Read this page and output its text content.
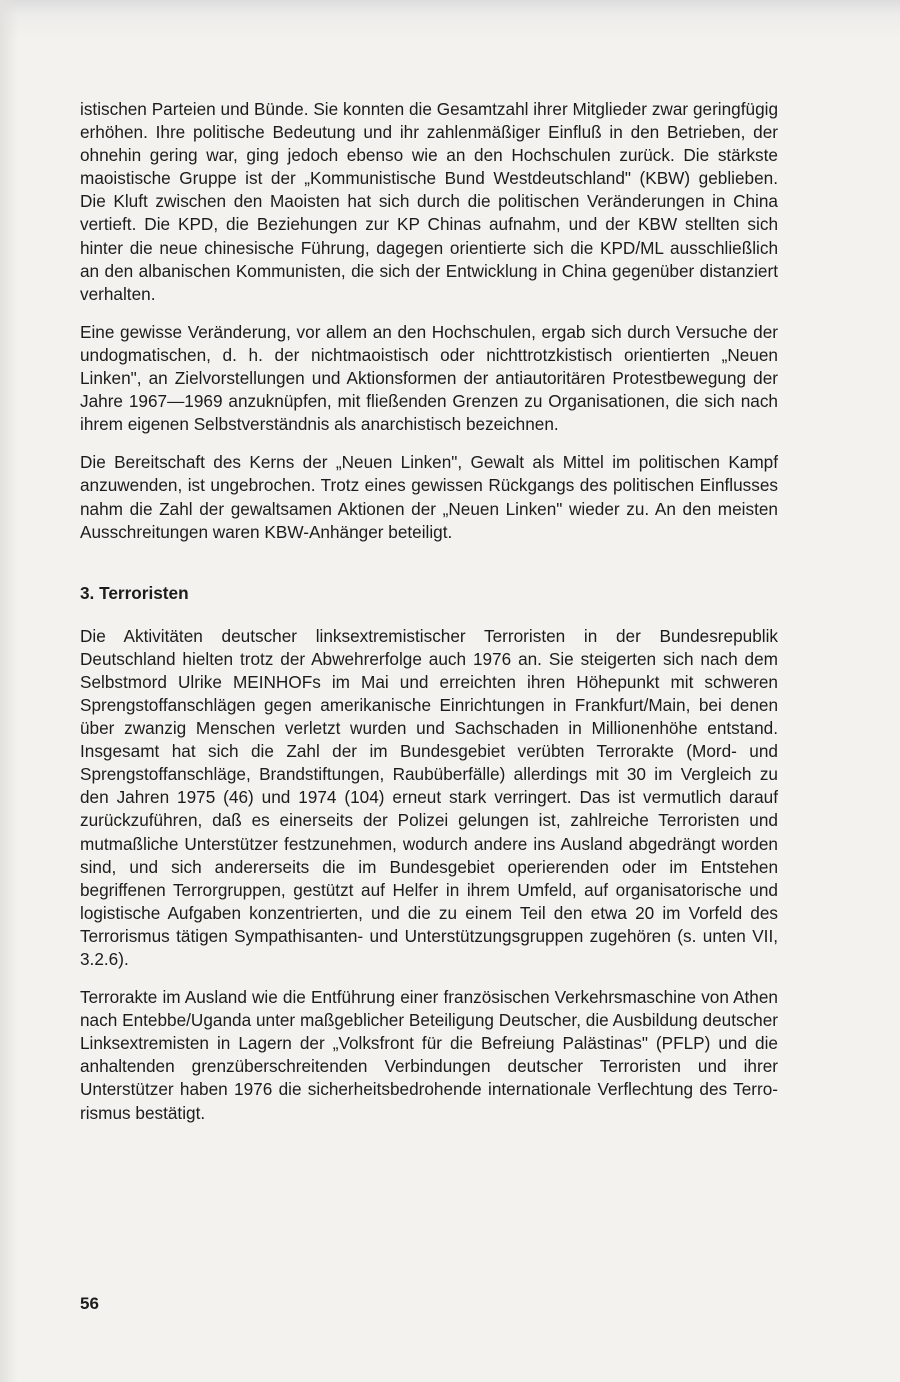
istischen Parteien und Bünde. Sie konnten die Gesamtzahl ihrer Mitglieder zwar geringfügig erhöhen. Ihre politische Bedeutung und ihr zahlenmäßiger Einfluß in den Betrieben, der ohnehin gering war, ging jedoch ebenso wie an den Hochschulen zurück. Die stärkste maoistische Gruppe ist der „Kommunistische Bund Westdeutschland" (KBW) geblieben. Die Kluft zwischen den Maoisten hat sich durch die politischen Veränderungen in China vertieft. Die KPD, die Beziehungen zur KP Chinas aufnahm, und der KBW stellten sich hinter die neue chinesische Führung, dagegen orientierte sich die KPD/ML ausschließlich an den albanischen Kommunisten, die sich der Entwicklung in China gegenüber distanziert verhalten.

Eine gewisse Veränderung, vor allem an den Hochschulen, ergab sich durch Versuche der undogmatischen, d. h. der nichtmaoistisch oder nichttrotzkistisch orientierten „Neuen Linken", an Zielvorstellungen und Aktionsformen der antiautoritären Protestbewegung der Jahre 1967—1969 anzuknüpfen, mit fließenden Grenzen zu Organisationen, die sich nach ihrem eigenen Selbstverständnis als anarchistisch bezeichnen.

Die Bereitschaft des Kerns der „Neuen Linken", Gewalt als Mittel im politischen Kampf anzuwenden, ist ungebrochen. Trotz eines gewissen Rückgangs des politischen Einflusses nahm die Zahl der gewaltsamen Aktionen der „Neuen Linken" wieder zu. An den meisten Ausschreitungen waren KBW-Anhänger beteiligt.

3. Terroristen

Die Aktivitäten deutscher linksextremistischer Terroristen in der Bundesrepublik Deutschland hielten trotz der Abwehrerfolge auch 1976 an. Sie steigerten sich nach dem Selbstmord Ulrike MEINHOFs im Mai und erreichten ihren Höhepunkt mit schweren Sprengstoffanschlägen gegen amerikanische Einrichtungen in Frankfurt/Main, bei denen über zwanzig Menschen verletzt wurden und Sachschaden in Millionenhöhe entstand. Insgesamt hat sich die Zahl der im Bundesgebiet verübten Terrorakte (Mord- und Sprengstoffanschläge, Brandstiftungen, Raubüberfälle) allerdings mit 30 im Vergleich zu den Jahren 1975 (46) und 1974 (104) erneut stark verringert. Das ist vermutlich darauf zurückzuführen, daß es einerseits der Polizei gelungen ist, zahlreiche Terroristen und mutmaßliche Unterstützer festzunehmen, wodurch andere ins Ausland abgedrängt worden sind, und sich andererseits die im Bundesgebiet operierenden oder im Entstehen begriffenen Terrorgruppen, gestützt auf Helfer in ihrem Umfeld, auf organisatorische und logistische Aufgaben konzentrierten, und die zu einem Teil den etwa 20 im Vorfeld des Terrorismus tätigen Sympathisanten- und Unterstützungsgruppen zugehören (s. unten VII, 3.2.6).

Terrorakte im Ausland wie die Entführung einer französischen Verkehrsmaschine von Athen nach Entebbe/Uganda unter maßgeblicher Beteiligung Deutscher, die Ausbildung deutscher Linksextremisten in Lagern der „Volksfront für die Befreiung Palästinas" (PFLP) und die anhaltenden grenzüberschreitenden Verbindungen deutscher Terroristen und ihrer Unterstützer haben 1976 die sicherheitsbedrohende internationale Verflechtung des Terrorismus bestätigt.

56
